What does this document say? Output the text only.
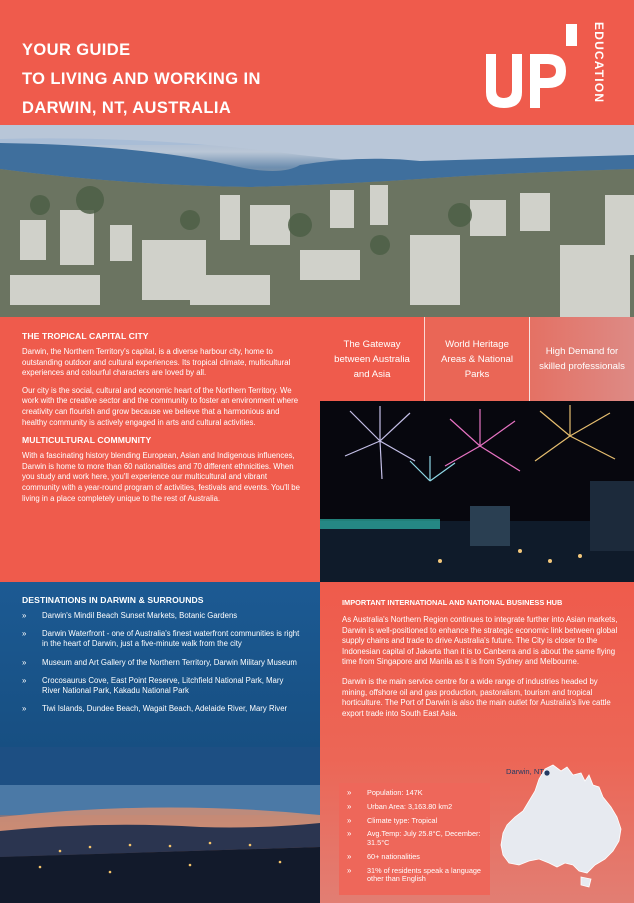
YOUR GUIDE
TO LIVING AND WORKING IN
DARWIN, NT, AUSTRALIA
EDUCATION
THE TROPICAL CAPITAL CITY

Darwin, the Northern Territory's capital, is a diverse harbour city, home to outstanding outdoor and cultural experiences. Its tropical climate, multicultural experiences and colourful characters are loved by all.

Our city is the social, cultural and economic heart of the Northern Territory. We work with the creative sector and the community to foster an environment where creativity can flourish and grow because we believe that a harmonious and healthy community is actively engaged in arts and cultural activities.

MULTICULTURAL COMMUNITY

With a fascinating history blending European, Asian and Indigenous influences, Darwin is home to more than 60 nationalities and 70 different ethnicities. When you study and work here, you'll experience our multicultural and vibrant community with a year-round program of activities, festivals and events. You'll be living in a place completely unique to the rest of Australia.

The Gateway between Australia and Asia
World Heritage Areas & National Parks
High Demand for skilled professionals
DESTINATIONS IN DARWIN & SURROUNDS
» Darwin's Mindil Beach Sunset Markets, Botanic Gardens
» Darwin Waterfront - one of Australia's finest waterfront communities is right in the heart of Darwin, just a five-minute walk from the city
» Museum and Art Gallery of the Northern Territory, Darwin Military Museum
» Crocosaurus Cove, East Point Reserve, Litchfield National Park, Mary River National Park, Kakadu National Park
» Tiwi Islands, Dundee Beach, Wagait Beach, Adelaide River, Mary River
IMPORTANT INTERNATIONAL AND NATIONAL BUSINESS HUB

As Australia's Northern Region continues to integrate further into Asian markets, Darwin is well-positioned to enhance the strategic economic link between global supply chains and trade to drive Australia's future. The City is closer to the Indonesian capital of Jakarta than it is to Canberra and is about the same flying time from Singapore and Manila as it is from Sydney and Melbourne.

Darwin is the main service centre for a wide range of industries headed by mining, offshore oil and gas production, pastoralism, tourism and tropical horticulture. The Port of Darwin is also the main outlet for Australia's live cattle export trade into South East Asia.

» Population: 147K
» Urban Area: 3,163.80 km2
» Climate type: Tropical
» Avg.Temp: July 25.8°C, December: 31.5°C
» 60+ nationalities
» 31% of residents speak a language other than English
Darwin, NT
